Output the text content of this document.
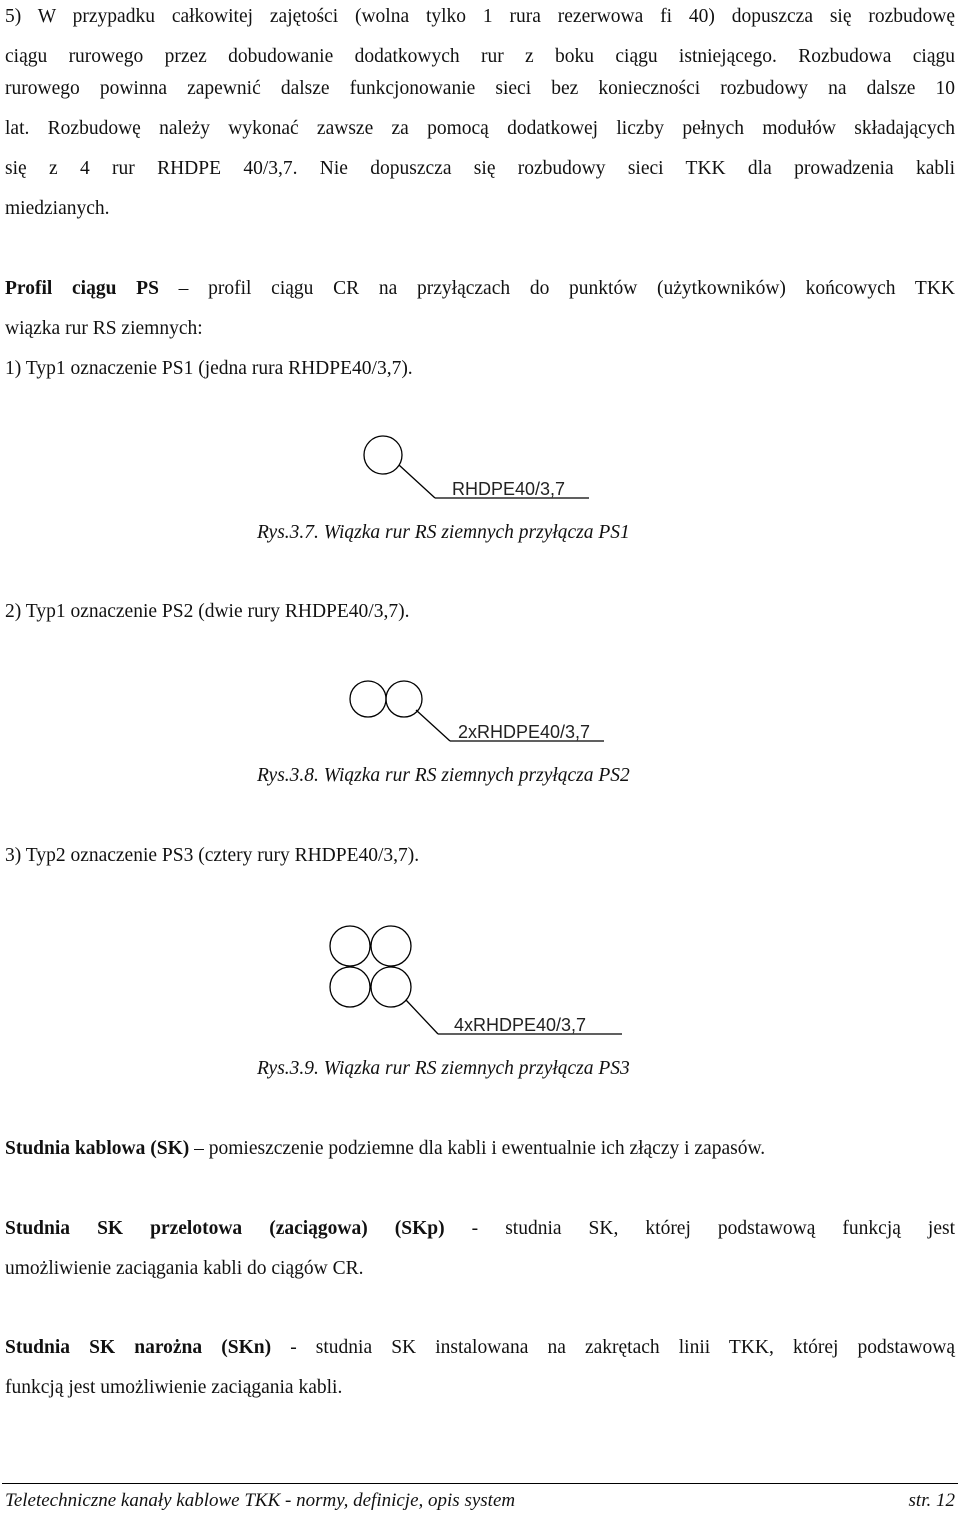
5) W przypadku całkowitej zajętości (wolna tylko 1 rura rezerwowa fi 40) dopuszcza się rozbudowę
ciągu rurowego przez dobudowanie dodatkowych rur z boku ciągu istniejącego. Rozbudowa ciągu
rurowego powinna zapewnić dalsze funkcjonowanie sieci bez konieczności rozbudowy na dalsze 10
lat. Rozbudowę należy wykonać zawsze za pomocą dodatkowej liczby pełnych modułów składających
się z 4 rur RHDPE 40/3,7. Nie dopuszcza się rozbudowy sieci TKK dla prowadzenia kabli
miedzianych.
Profil ciągu PS – profil ciągu CR na przyłączach do punktów (użytkowników) końcowych TKK
wiązka rur RS ziemnych:
1) Typ1 oznaczenie PS1 (jedna rura RHDPE40/3,7).
RHDPE40/3,7
Rys.3.7. Wiązka rur RS ziemnych przyłącza PS1
2) Typ1 oznaczenie PS2 (dwie rury RHDPE40/3,7).
2xRHDPE40/3,7
Rys.3.8. Wiązka rur RS ziemnych przyłącza PS2
3) Typ2 oznaczenie PS3 (cztery rury RHDPE40/3,7).
4xRHDPE40/3,7
Rys.3.9. Wiązka rur RS ziemnych przyłącza PS3
Studnia kablowa (SK) – pomieszczenie podziemne dla kabli i ewentualnie ich złączy i zapasów.
Studnia SK przelotowa (zaciągowa) (SKp) - studnia SK, której podstawową funkcją jest
umożliwienie zaciągania kabli do ciągów CR.
Studnia SK narożna (SKn) - studnia SK instalowana na zakrętach linii TKK, której podstawową
funkcją jest umożliwienie zaciągania kabli.
Teletechniczne kanały kablowe TKK - normy, definicje, opis system	str. 12
